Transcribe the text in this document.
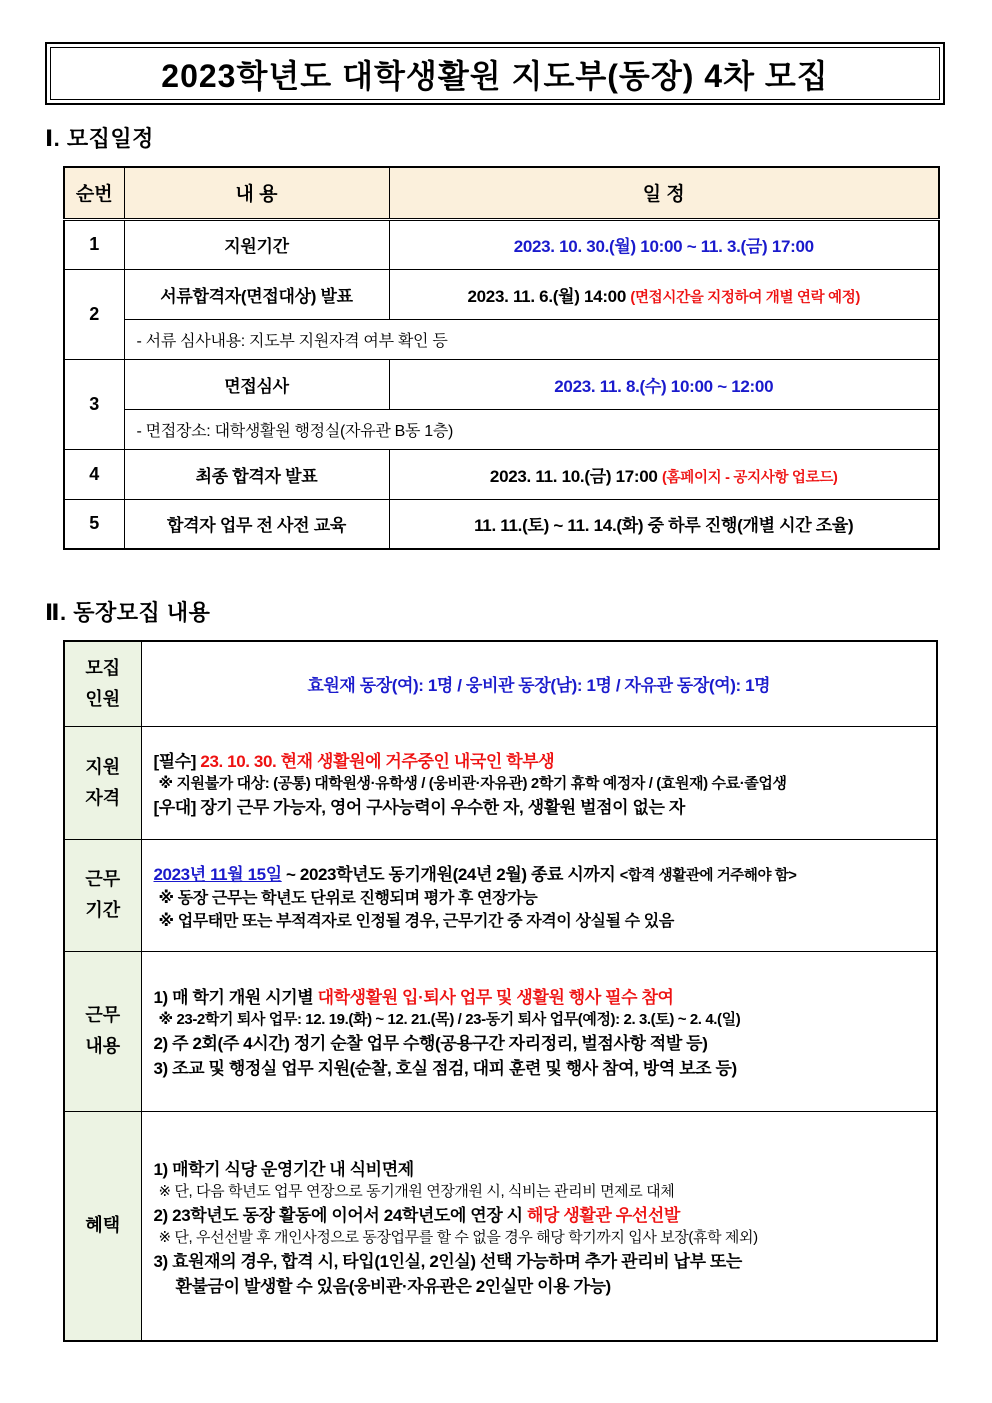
2023학년도 대학생활원 지도부(동장) 4차 모집
Ⅰ. 모집일정
순번	내 용	일 정
1	지원기간	2023. 10. 30.(월) 10:00 ~ 11. 3.(금) 17:00
2	서류합격자(면접대상) 발표	2023. 11. 6.(월) 14:00 (면접시간을 지정하여 개별 연락 예정)
	- 서류 심사내용: 지도부 지원자격 여부 확인 등	
3	면접심사	2023. 11. 8.(수) 10:00 ~ 12:00
	- 면접장소: 대학생활원 행정실(자유관 B동 1층)	
4	최종 합격자 발표	2023. 11. 10.(금) 17:00 (홈페이지 - 공지사항 업로드)
5	합격자 업무 전 사전 교육	11. 11.(토) ~ 11. 14.(화) 중 하루 진행(개별 시간 조율)
Ⅱ. 동장모집 내용
모집
인원	효원재 동장(여): 1명 / 웅비관 동장(남): 1명 / 자유관 동장(여): 1명

지원
자격

[필수] 23. 10. 30. 현재 생활원에 거주중인 내국인 학부생
※ 지원불가 대상: (공통) 대학원생·유학생 / (웅비관·자유관) 2학기 휴학 예정자 / (효원재) 수료·졸업생
[우대] 장기 근무 가능자, 영어 구사능력이 우수한 자, 생활원 벌점이 없는 자

근무
기간

2023년 11월 15일 ~ 2023학년도 동기개원(24년 2월) 종료 시까지 <합격 생활관에 거주해야 함>
※ 동장 근무는 학년도 단위로 진행되며 평가 후 연장가능
※ 업무태만 또는 부적격자로 인정될 경우, 근무기간 중 자격이 상실될 수 있음

근무
내용

1) 매 학기 개원 시기별 대학생활원 입·퇴사 업무 및 생활원 행사 필수 참여
※ 23-2학기 퇴사 업무: 12. 19.(화) ~ 12. 21.(목) / 23-동기 퇴사 업무(예정): 2. 3.(토) ~ 2. 4.(일)
2) 주 2회(주 4시간) 정기 순찰 업무 수행(공용구간 자리정리, 벌점사항 적발 등)
3) 조교 및 행정실 업무 지원(순찰, 호실 점검, 대피 훈련 및 행사 참여, 방역 보조 등)

혜택	
1) 매학기 식당 운영기간 내 식비면제
※ 단, 다음 학년도 업무 연장으로 동기개원 연장개원 시, 식비는 관리비 면제로 대체
2) 23학년도 동장 활동에 이어서 24학년도에 연장 시 해당 생활관 우선선발
※ 단, 우선선발 후 개인사정으로 동장업무를 할 수 없을 경우 해당 학기까지 입사 보장(휴학 제외)
3) 효원재의 경우, 합격 시, 타입(1인실, 2인실) 선택 가능하며 추가 관리비 납부 또는
환불금이 발생할 수 있음(웅비관·자유관은 2인실만 이용 가능)
